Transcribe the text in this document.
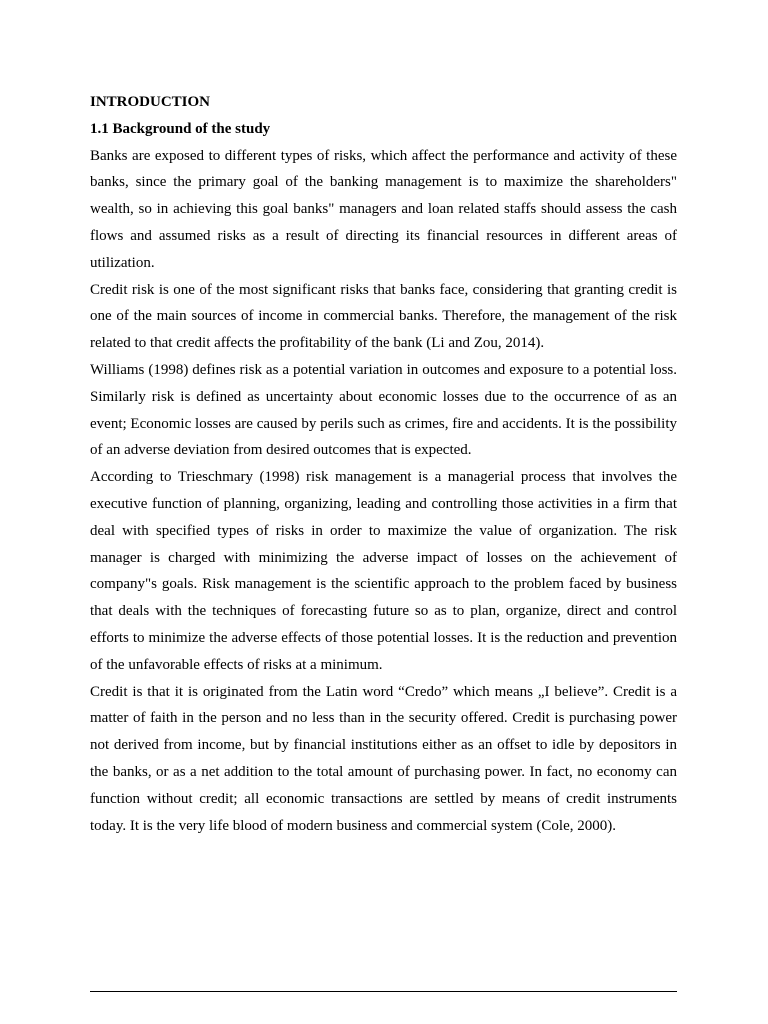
INTRODUCTION

1.1 Background of the study

Banks are exposed to different types of risks, which affect the performance and activity of these banks, since the primary goal of the banking management is to maximize the shareholders" wealth, so in achieving this goal banks" managers and loan related staffs should assess the cash flows and assumed risks as a result of directing its financial resources in different areas of utilization.

Credit risk is one of the most significant risks that banks face, considering that granting credit is one of the main sources of income in commercial banks. Therefore, the management of the risk related to that credit affects the profitability of the bank (Li and Zou, 2014).

Williams (1998) defines risk as a potential variation in outcomes and exposure to a potential loss. Similarly risk is defined as uncertainty about economic losses due to the occurrence of as an event; Economic losses are caused by perils such as crimes, fire and accidents. It is the possibility of an adverse deviation from desired outcomes that is expected.

According to Trieschmary (1998) risk management is a managerial process that involves the executive function of planning, organizing, leading and controlling those activities in a firm that deal with specified types of risks in order to maximize the value of organization. The risk manager is charged with minimizing the adverse impact of losses on the achievement of company"s goals. Risk management is the scientific approach to the problem faced by business that deals with the techniques of forecasting future so as to plan, organize, direct and control efforts to minimize the adverse effects of those potential losses. It is the reduction and prevention of the unfavorable effects of risks at a minimum.

Credit is that it is originated from the Latin word “Credo” which means „I believe”. Credit is a matter of faith in the person and no less than in the security offered. Credit is purchasing power not derived from income, but by financial institutions either as an offset to idle by depositors in the banks, or as a net addition to the total amount of purchasing power. In fact, no economy can function without credit; all economic transactions are settled by means of credit instruments today. It is the very life blood of modern business and commercial system (Cole, 2000).
